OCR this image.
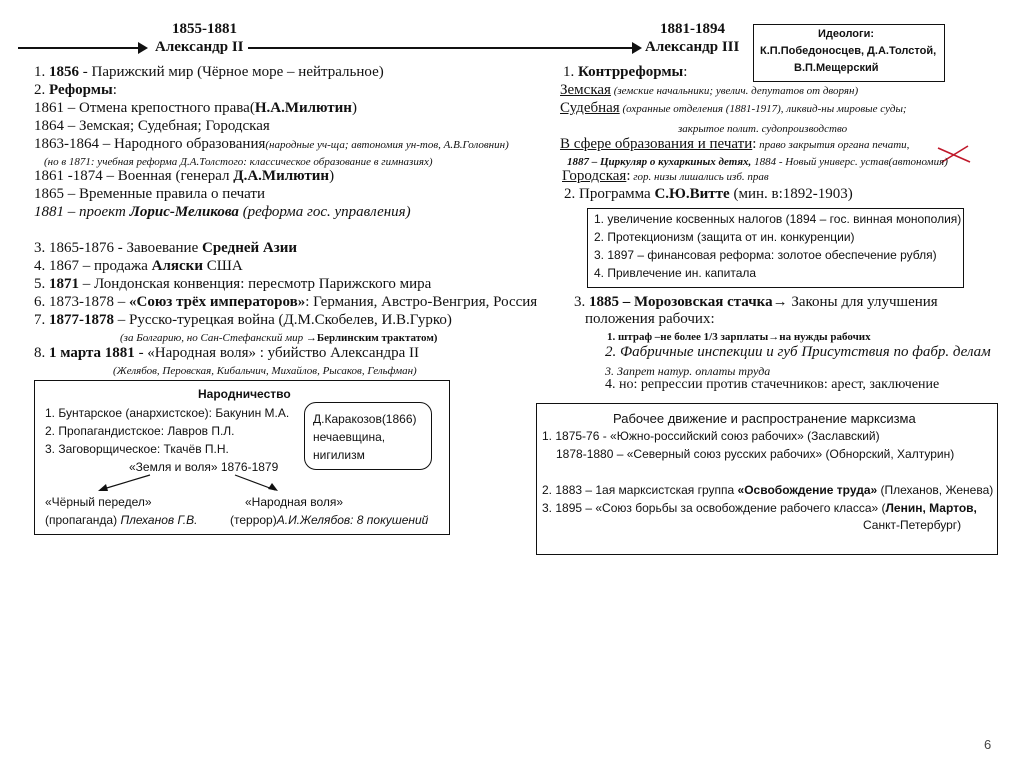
1855-1881
Александр II
1881-1894
Александр III
Идеологи:
К.П.Победоносцев, Д.А.Толстой,
В.П.Мещерский
1. 1856 - Парижский мир (Чёрное море – нейтральное)
2. Реформы:
1861 – Отмена крепостного права(Н.А.Милютин)
1864 – Земская; Судебная; Городская
1863-1864 – Народного образования(народные уч-ща; автономия ун-тов, А.В.Головнин)
(но в 1871: учебная реформа Д.А.Толстого: классическое образование в гимназиях)
1861 -1874 – Военная (генерал Д.А.Милютин)
1865 – Временные правила о печати
1881 – проект Лорис-Меликова (реформа гос. управления)
3. 1865-1876 - Завоевание Средней Азии
4. 1867 – продажа Аляски США
5. 1871 – Лондонская конвенция: пересмотр Парижского мира
6. 1873-1878 – «Союз трёх императоров»: Германия, Австро-Венгрия, Россия
7. 1877-1878 – Русско-турецкая война (Д.М.Скобелев, И.В.Гурко)
(за Болгарию, но Сан-Стефанский мир →Берлинским трактатом)
8. 1 марта 1881 - «Народная воля» : убийство Александра II
(Желябов, Перовская, Кибальчич, Михайлов, Рысаков, Гельфман)
Народничество
1. Бунтарское (анархистское): Бакунин М.А.
2. Пропагандистское: Лавров П.Л.
3. Заговорщическое: Ткачёв П.Н.
«Земля и воля» 1876-1879
«Чёрный передел»
(пропаганда) Плеханов Г.В.
«Народная воля»
(террор)А.И.Желябов: 8 покушений
Д.Каракозов(1866)
нечаевщина,
нигилизм
1. Контрреформы:
Земская (земские начальники; увелич. депутатов от дворян)
Судебная (охранные отделения (1881-1917), ликвид-ны мировые суды;
закрытое полит. судопроизводство
В сфере образования и печати: право закрытия органа печати,
1887 – Циркуляр о кухаркиных детях, 1884 - Новый универс. устав(автономия)
Городская: гор. низы лишались изб. прав
2. Программа С.Ю.Витте (мин. в:1892-1903)
1. увеличение косвенных налогов (1894 – гос. винная монополия)
2. Протекционизм (защита от ин. конкуренции)
3. 1897 – финансовая реформа: золотое обеспечение рубля)
4. Привлечение ин. капитала
3. 1885 – Морозовская стачка→ Законы для улучшения
положения рабочих:
1. штраф –не более 1/3 зарплаты→на нужды рабочих
2. Фабричные инспекции и губ Присутствия по фабр. делам
3. Запрет натур. оплаты труда
4. но: репрессии против стачечников: арест, заключение
Рабочее движение и распространение марксизма
1. 1875-76 - «Южно-российский союз рабочих» (Заславский)
1878-1880 – «Северный союз русских рабочих» (Обнорский, Халтурин)
2. 1883 – 1ая марксистская группа «Освобождение труда» (Плеханов, Женева)
3. 1895 – «Союз борьбы за освобождение рабочего класса» (Ленин, Мартов,
Санкт-Петербург)
6
